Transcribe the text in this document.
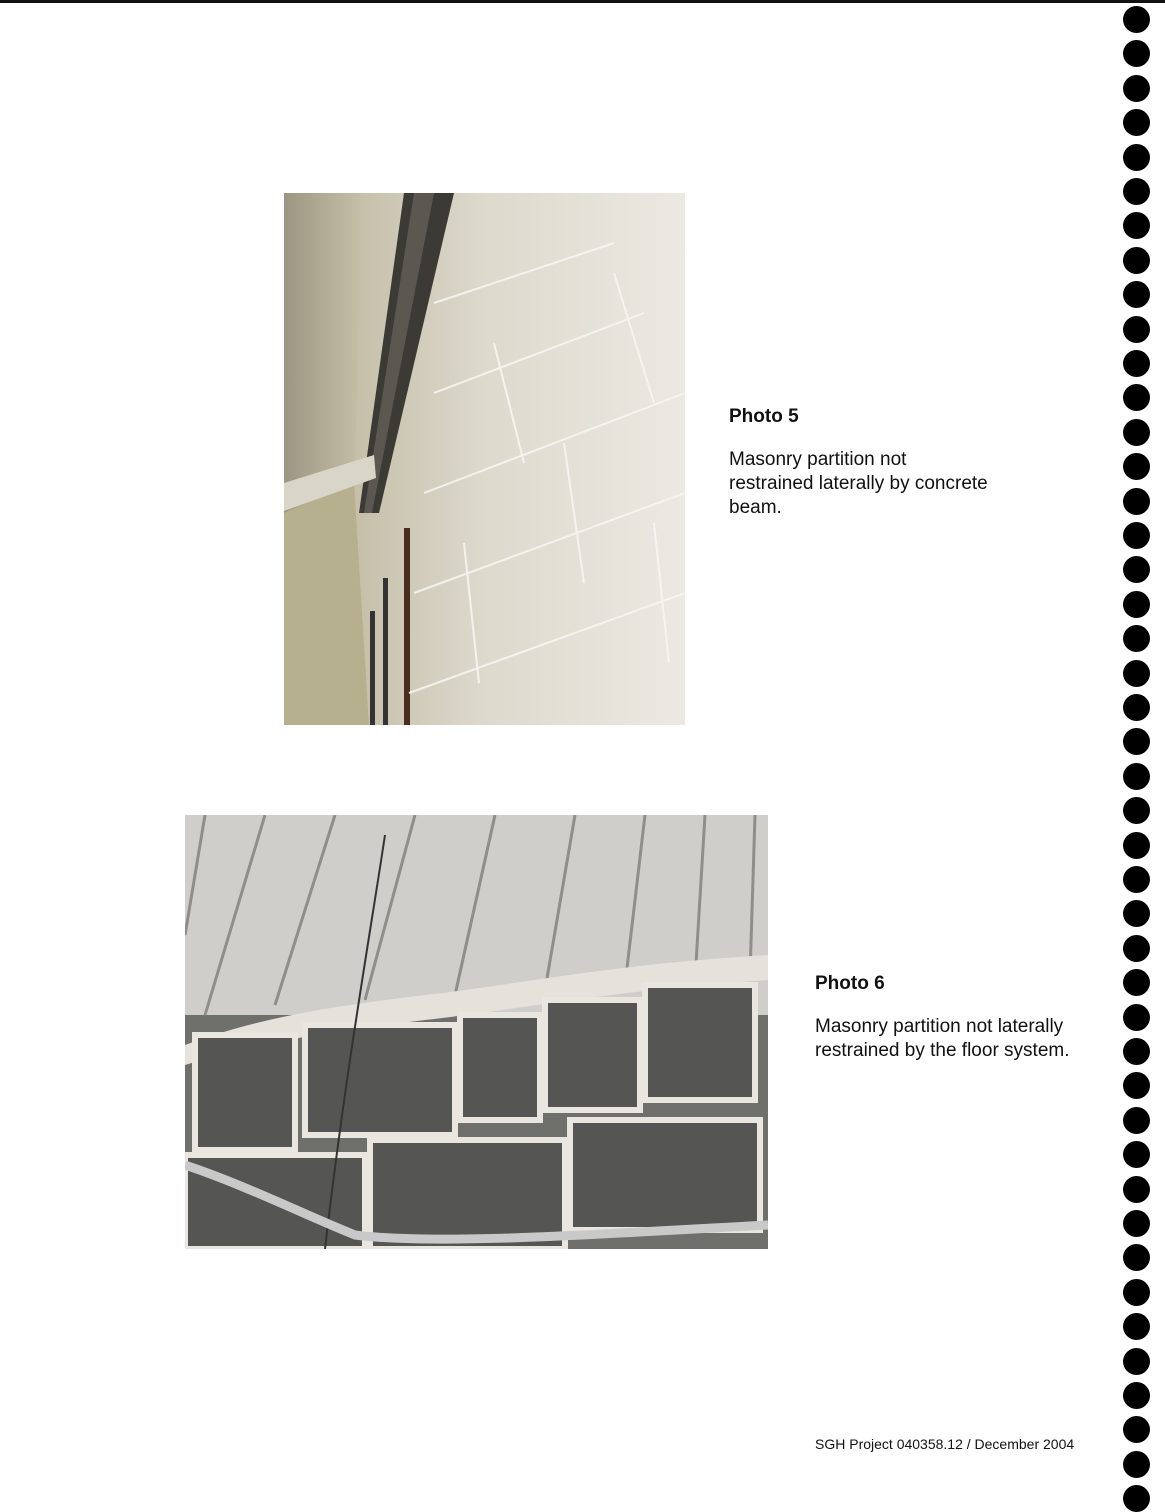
Photo 5
Masonry partition not restrained laterally by concrete beam.
Photo 6
Masonry partition not laterally restrained by the floor system.
SGH Project 040358.12 / December 2004
